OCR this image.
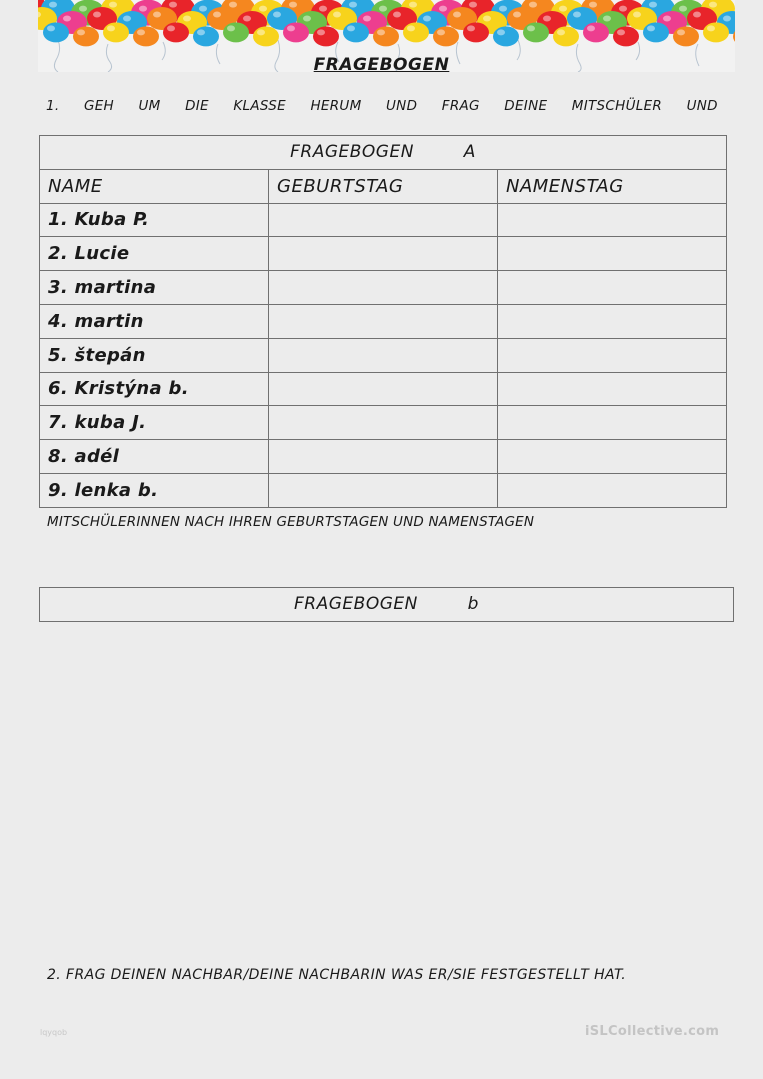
FRAGEBOGEN
1. GEH UM DIE KLASSE HERUM UND FRAG DEINE MITSCHÜLER UND
FRAGEBOGEN A		
NAME	GEBURTSTAG	NAMENSTAG
1. Kuba P.		
2. Lucie		
3. martina		
4. martin		
5. štepán		
6. Kristýna b.		
7. kuba J.		
8. adél		
9. lenka b.		
MITSCHÜLERINNEN NACH IHREN GEBURTSTAGEN UND NAMENSTAGEN
FRAGEBOGEN	b
2. FRAG DEINEN NACHBAR/DEINE NACHBARIN WAS ER/SIE FESTGESTELLT HAT.
lqyqob	iSLCollective.com
